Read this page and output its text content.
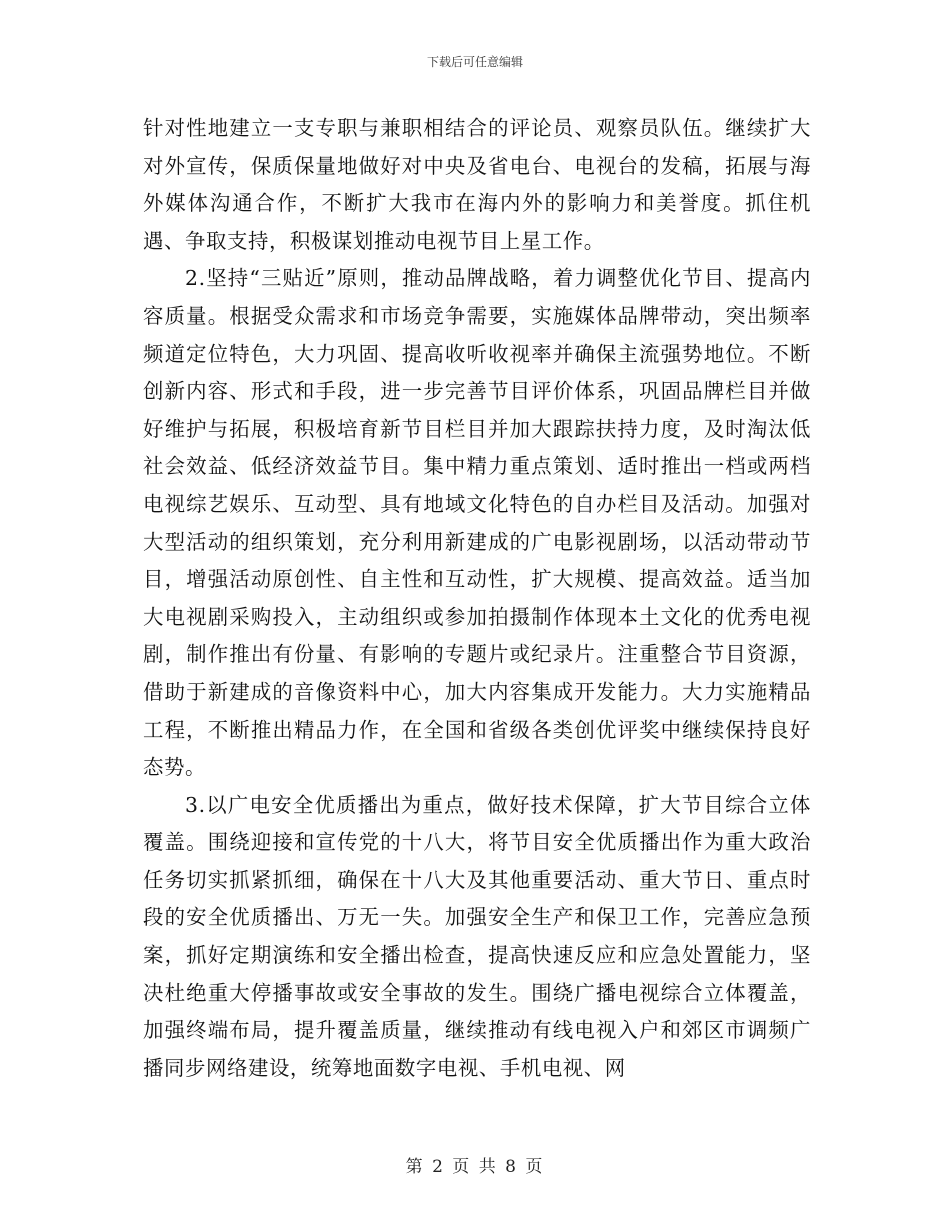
下载后可任意编辑

针对性地建立一支专职与兼职相结合的评论员、观察员队伍。继续扩大对外宣传，保质保量地做好对中央及省电台、电视台的发稿，拓展与海外媒体沟通合作，不断扩大我市在海内外的影响力和美誉度。抓住机遇、争取支持，积极谋划推动电视节目上星工作。

2.坚持“三贴近”原则，推动品牌战略，着力调整优化节目、提高内容质量。根据受众需求和市场竞争需要，实施媒体品牌带动，突出频率频道定位特色，大力巩固、提高收听收视率并确保主流强势地位。不断创新内容、形式和手段，进一步完善节目评价体系，巩固品牌栏目并做好维护与拓展，积极培育新节目栏目并加大跟踪扶持力度，及时淘汰低社会效益、低经济效益节目。集中精力重点策划、适时推出一档或两档电视综艺娱乐、互动型、具有地域文化特色的自办栏目及活动。加强对大型活动的组织策划，充分利用新建成的广电影视剧场，以活动带动节目，增强活动原创性、自主性和互动性，扩大规模、提高效益。适当加大电视剧采购投入，主动组织或参加拍摄制作体现本土文化的优秀电视剧，制作推出有份量、有影响的专题片或纪录片。注重整合节目资源，借助于新建成的音像资料中心，加大内容集成开发能力。大力实施精品工程，不断推出精品力作，在全国和省级各类创优评奖中继续保持良好态势。

3.以广电安全优质播出为重点，做好技术保障，扩大节目综合立体覆盖。围绕迎接和宣传党的十八大，将节目安全优质播出作为重大政治任务切实抓紧抓细，确保在十八大及其他重要活动、重大节日、重点时段的安全优质播出、万无一失。加强安全生产和保卫工作，完善应急预案，抓好定期演练和安全播出检查，提高快速反应和应急处置能力，坚决杜绝重大停播事故或安全事故的发生。围绕广播电视综合立体覆盖，加强终端布局，提升覆盖质量，继续推动有线电视入户和郊区市调频广播同步网络建设，统筹地面数字电视、手机电视、网

第 2 页 共 8 页
